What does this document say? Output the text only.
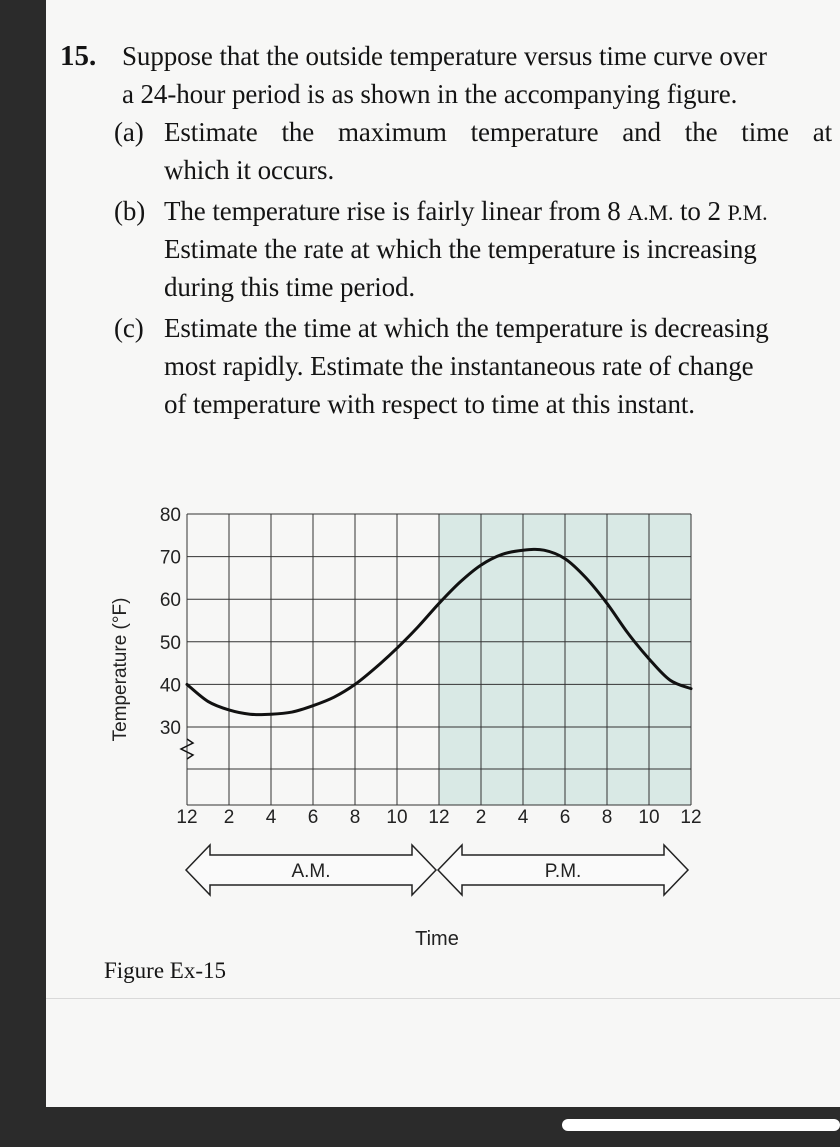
15. Suppose that the outside temperature versus time curve over
a 24-hour period is as shown in the accompanying figure.
(a) Estimate the maximum temperature and the time at
which it occurs.
(b) The temperature rise is fairly linear from 8 A.M. to 2 P.M.
Estimate the rate at which the temperature is increasing
during this time period.
(c) Estimate the time at which the temperature is decreasing
most rapidly. Estimate the instantaneous rate of change
of temperature with respect to time at this instant.
30
40
50
60
70
80
12 2 4 6 8 10 12 2 4 6 8 10 12
Temperature (°F)
A.M.	P.M.
Time
Figure Ex-15
